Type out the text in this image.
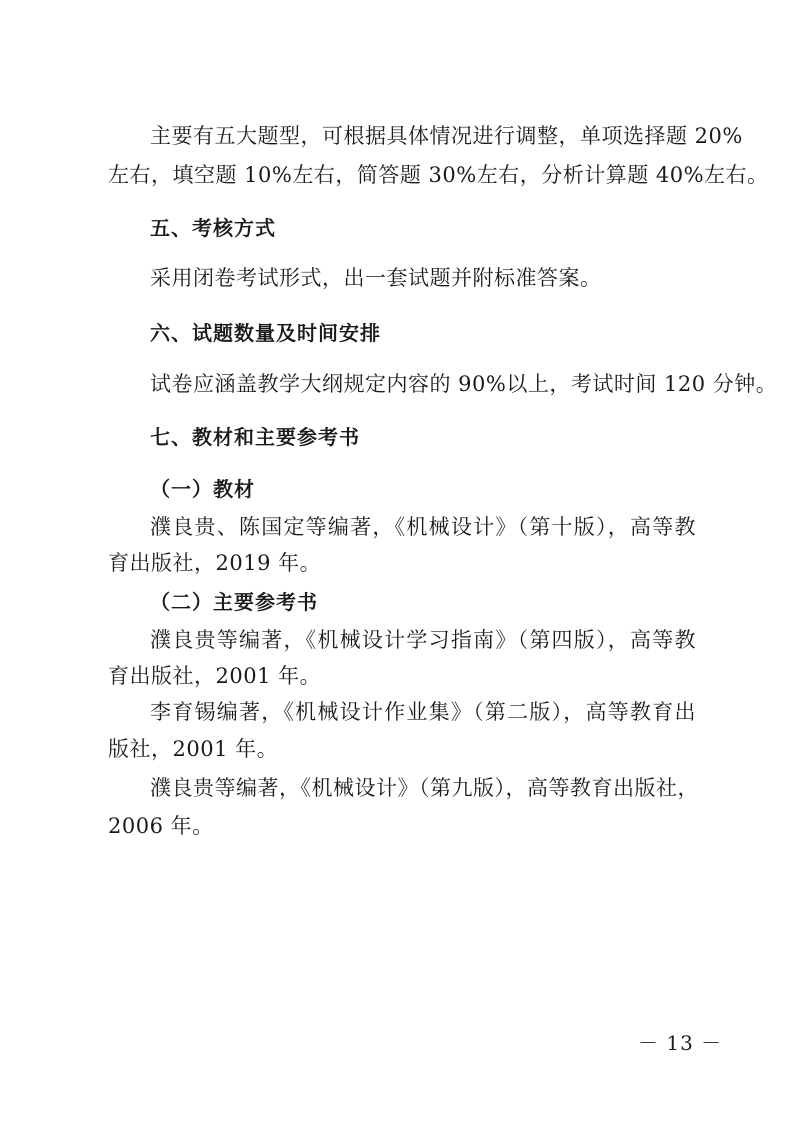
主要有五大题型，可根据具体情况进行调整，单项选择题 20%
左右，填空题 10%左右，简答题 30%左右，分析计算题 40%左右。
五、考核方式
采用闭卷考试形式，出一套试题并附标准答案。
六、试题数量及时间安排
试卷应涵盖教学大纲规定内容的 90%以上，考试时间 120 分钟。
七、教材和主要参考书
（一）教材
濮良贵、陈国定等编著，《机械设计》（第十版），高等教
育出版社，2019 年。
（二）主要参考书
濮良贵等编著，《机械设计学习指南》（第四版），高等教
育出版社，2001 年。
李育锡编著，《机械设计作业集》（第二版），高等教育出
版社，2001 年。
濮良贵等编著，《机械设计》（第九版），高等教育出版社，
2006 年。
－ 13 －
